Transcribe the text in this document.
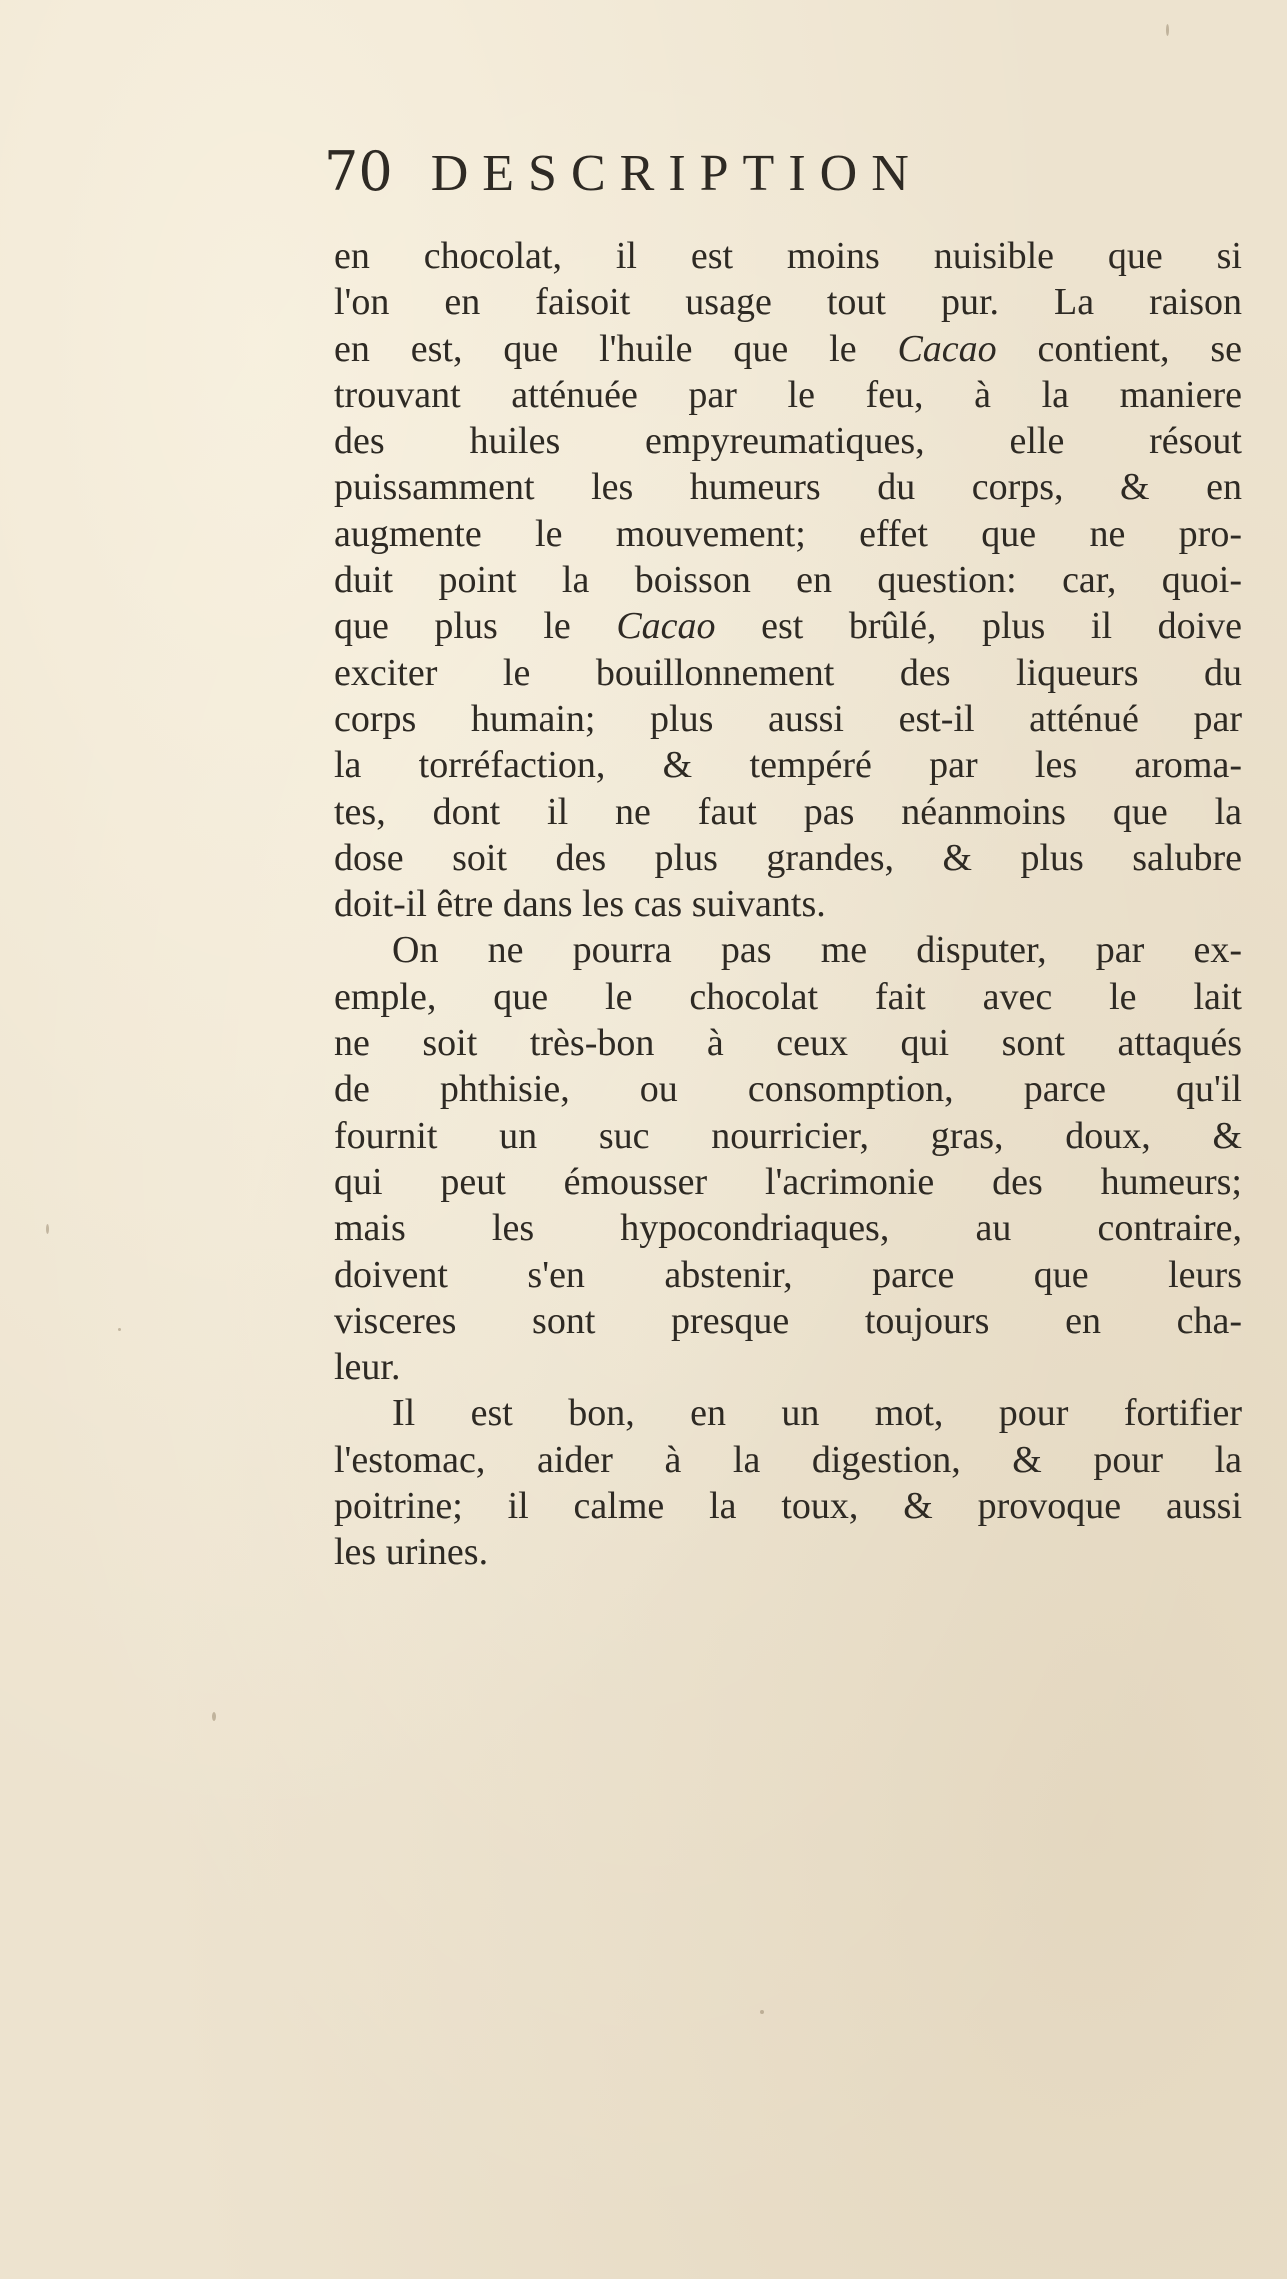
70 DESCRIPTION
en chocolat, il est moins nuisible que si
l'on en faisoit usage tout pur. La raison
en est, que l'huile que le Cacao contient, se
trouvant atténuée par le feu, à la maniere
des huiles empyreumatiques, elle résout
puissamment les humeurs du corps, & en
augmente le mouvement; effet que ne pro-
duit point la boisson en question: car, quoi-
que plus le Cacao est brûlé, plus il doive
exciter le bouillonnement des liqueurs du
corps humain; plus aussi est-il atténué par
la torréfaction, & tempéré par les aroma-
tes, dont il ne faut pas néanmoins que la
dose soit des plus grandes, & plus salubre
doit-il être dans les cas suivants.
On ne pourra pas me disputer, par ex-
emple, que le chocolat fait avec le lait
ne soit très-bon à ceux qui sont attaqués
de phthisie, ou consomption, parce qu'il
fournit un suc nourricier, gras, doux, &
qui peut émousser l'acrimonie des humeurs;
mais les hypocondriaques, au contraire,
doivent s'en abstenir, parce que leurs
visceres sont presque toujours en cha-
leur.
Il est bon, en un mot, pour fortifier
l'estomac, aider à la digestion, & pour la
poitrine; il calme la toux, & provoque aussi
les urines.
